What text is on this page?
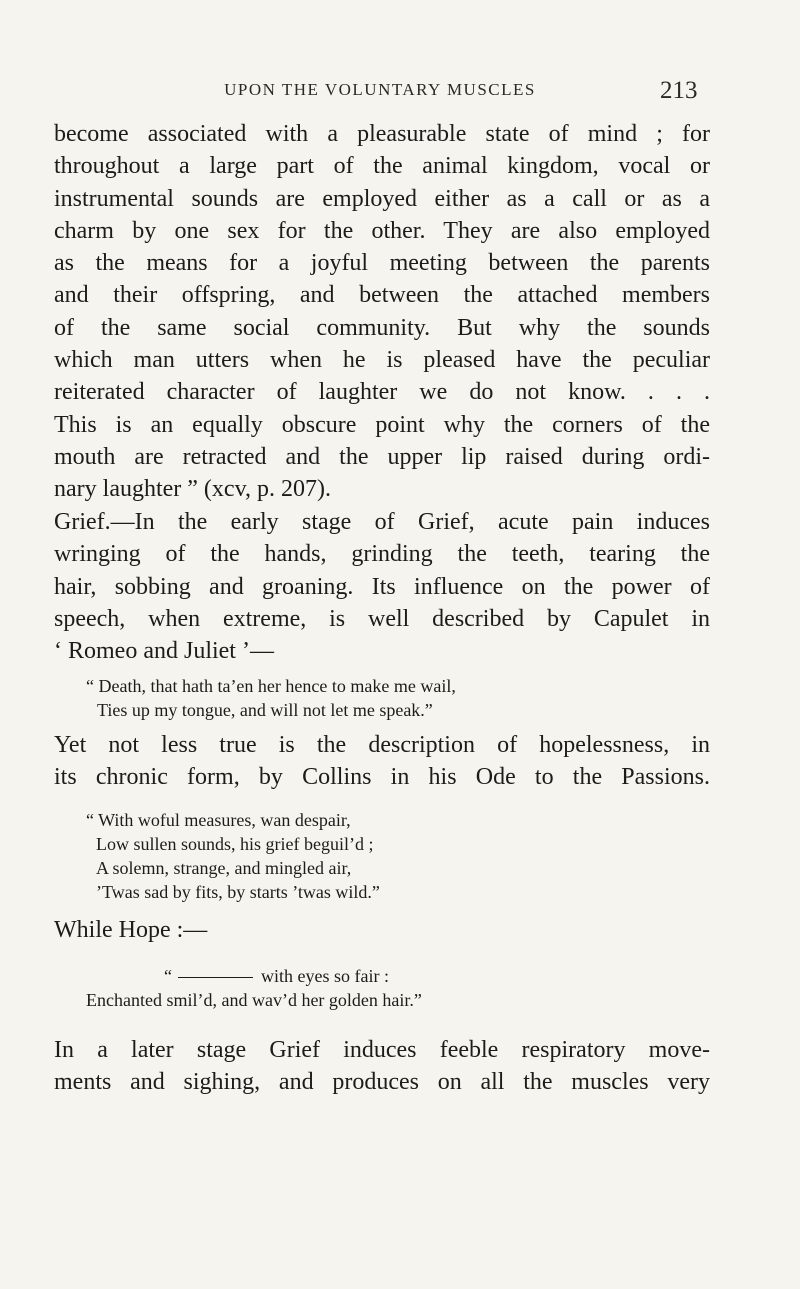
UPON THE VOLUNTARY MUSCLES	213
become associated with a pleasurable state of mind ; for
throughout a large part of the animal kingdom, vocal or
instrumental sounds are employed either as a call or as a
charm by one sex for the other. They are also employed
as the means for a joyful meeting between the parents
and their offspring, and between the attached members
of the same social community. But why the sounds
which man utters when he is pleased have the peculiar
reiterated character of laughter we do not know. . . .
This is an equally obscure point why the corners of the
mouth are retracted and the upper lip raised during ordi-
nary laughter ” (xcv, p. 207).
Grief.—In the early stage of Grief, acute pain induces
wringing of the hands, grinding the teeth, tearing the
hair, sobbing and groaning. Its influence on the power of
speech, when extreme, is well described by Capulet in
‘ Romeo and Juliet ’—
“ Death, that hath ta’en her hence to make me wail,
Ties up my tongue, and will not let me speak.”
Yet not less true is the description of hopelessness, in
its chronic form, by Collins in his Ode to the Passions.
“ With woful measures, wan despair,
Low sullen sounds, his grief beguil’d ;
A solemn, strange, and mingled air,
’Twas sad by fits, by starts ’twas wild.”
While Hope :—
“	with eyes so fair :
Enchanted smil’d, and wav’d her golden hair.”
In a later stage Grief induces feeble respiratory move-
ments and sighing, and produces on all the muscles very
